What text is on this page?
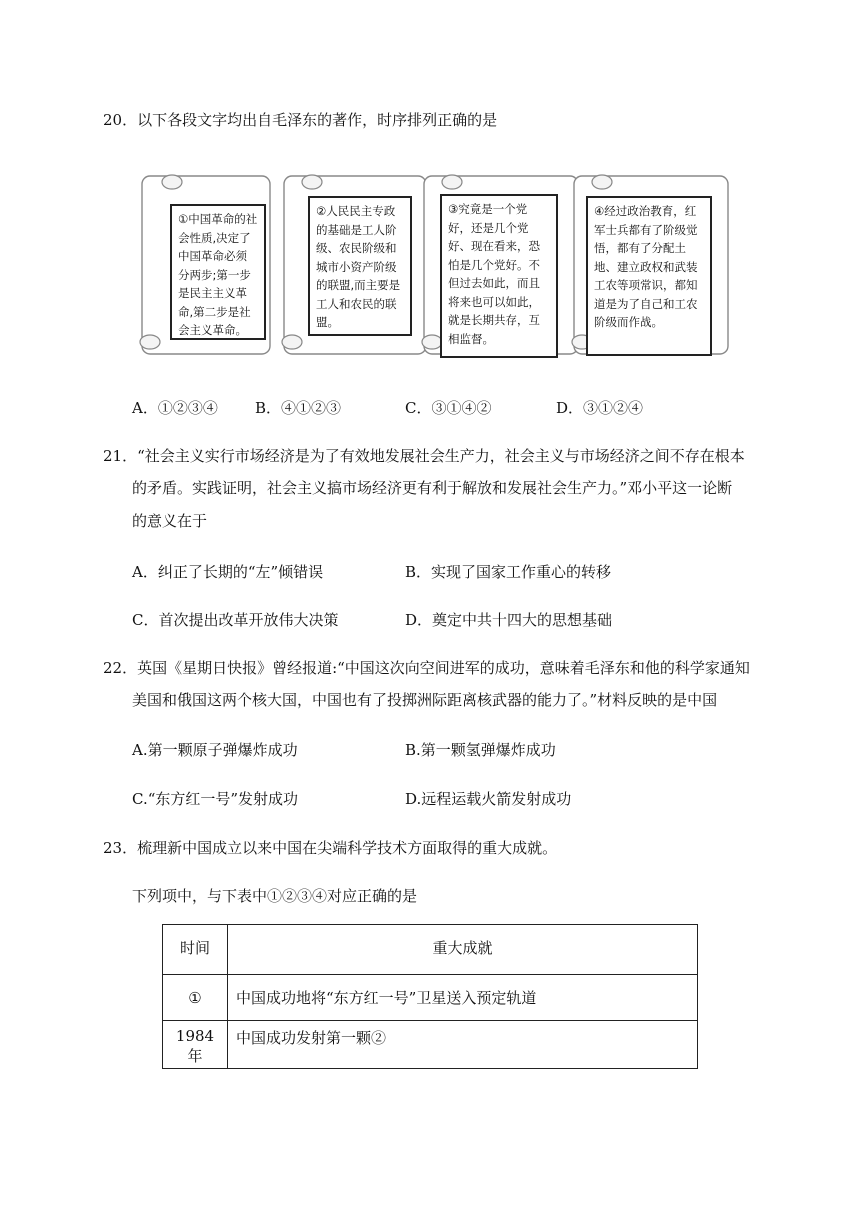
20．以下各段文字均出自毛泽东的著作，时序排列正确的是
①中国革命的社会性质,决定了中国革命必须分两步;第一步是民主主义革命,第二步是社会主义革命。
②人民民主专政的基础是工人阶级、农民阶级和城市小资产阶级的联盟,而主要是工人和农民的联盟。
③究竟是一个党好，还是几个党好、现在看来，恐怕是几个党好。不但过去如此，而且将来也可以如此，就是长期共存，互相监督。
④经过政治教育，红军士兵都有了阶级觉悟，都有了分配土地、建立政权和武装工农等项常识，都知道是为了自己和工农阶级而作战。
A．①②③④ B．④①②③	C．③①④②	D．③①②④
21．“社会主义实行市场经济是为了有效地发展社会生产力，社会主义与市场经济之间不存在根本
的矛盾。实践证明，社会主义搞市场经济更有利于解放和发展社会生产力。”邓小平这一论断
的意义在于
A．纠正了长期的“左”倾错误	B．实现了国家工作重心的转移
C．首次提出改革开放伟大决策	D．奠定中共十四大的思想基础
22．英国《星期日快报》曾经报道:“中国这次向空间进军的成功，意味着毛泽东和他的科学家通知
美国和俄国这两个核大国，中国也有了投掷洲际距离核武器的能力了。”材料反映的是中国
A.第一颗原子弹爆炸成功	B.第一颗氢弹爆炸成功
C.“东方红一号”发射成功	D.远程运载火箭发射成功
23．梳理新中国成立以来中国在尖端科学技术方面取得的重大成就。
下列项中，与下表中①②③④对应正确的是
时间	重大成就
①	中国成功地将“东方红一号”卫星送入预定轨道
1984 年	中国成功发射第一颗②
